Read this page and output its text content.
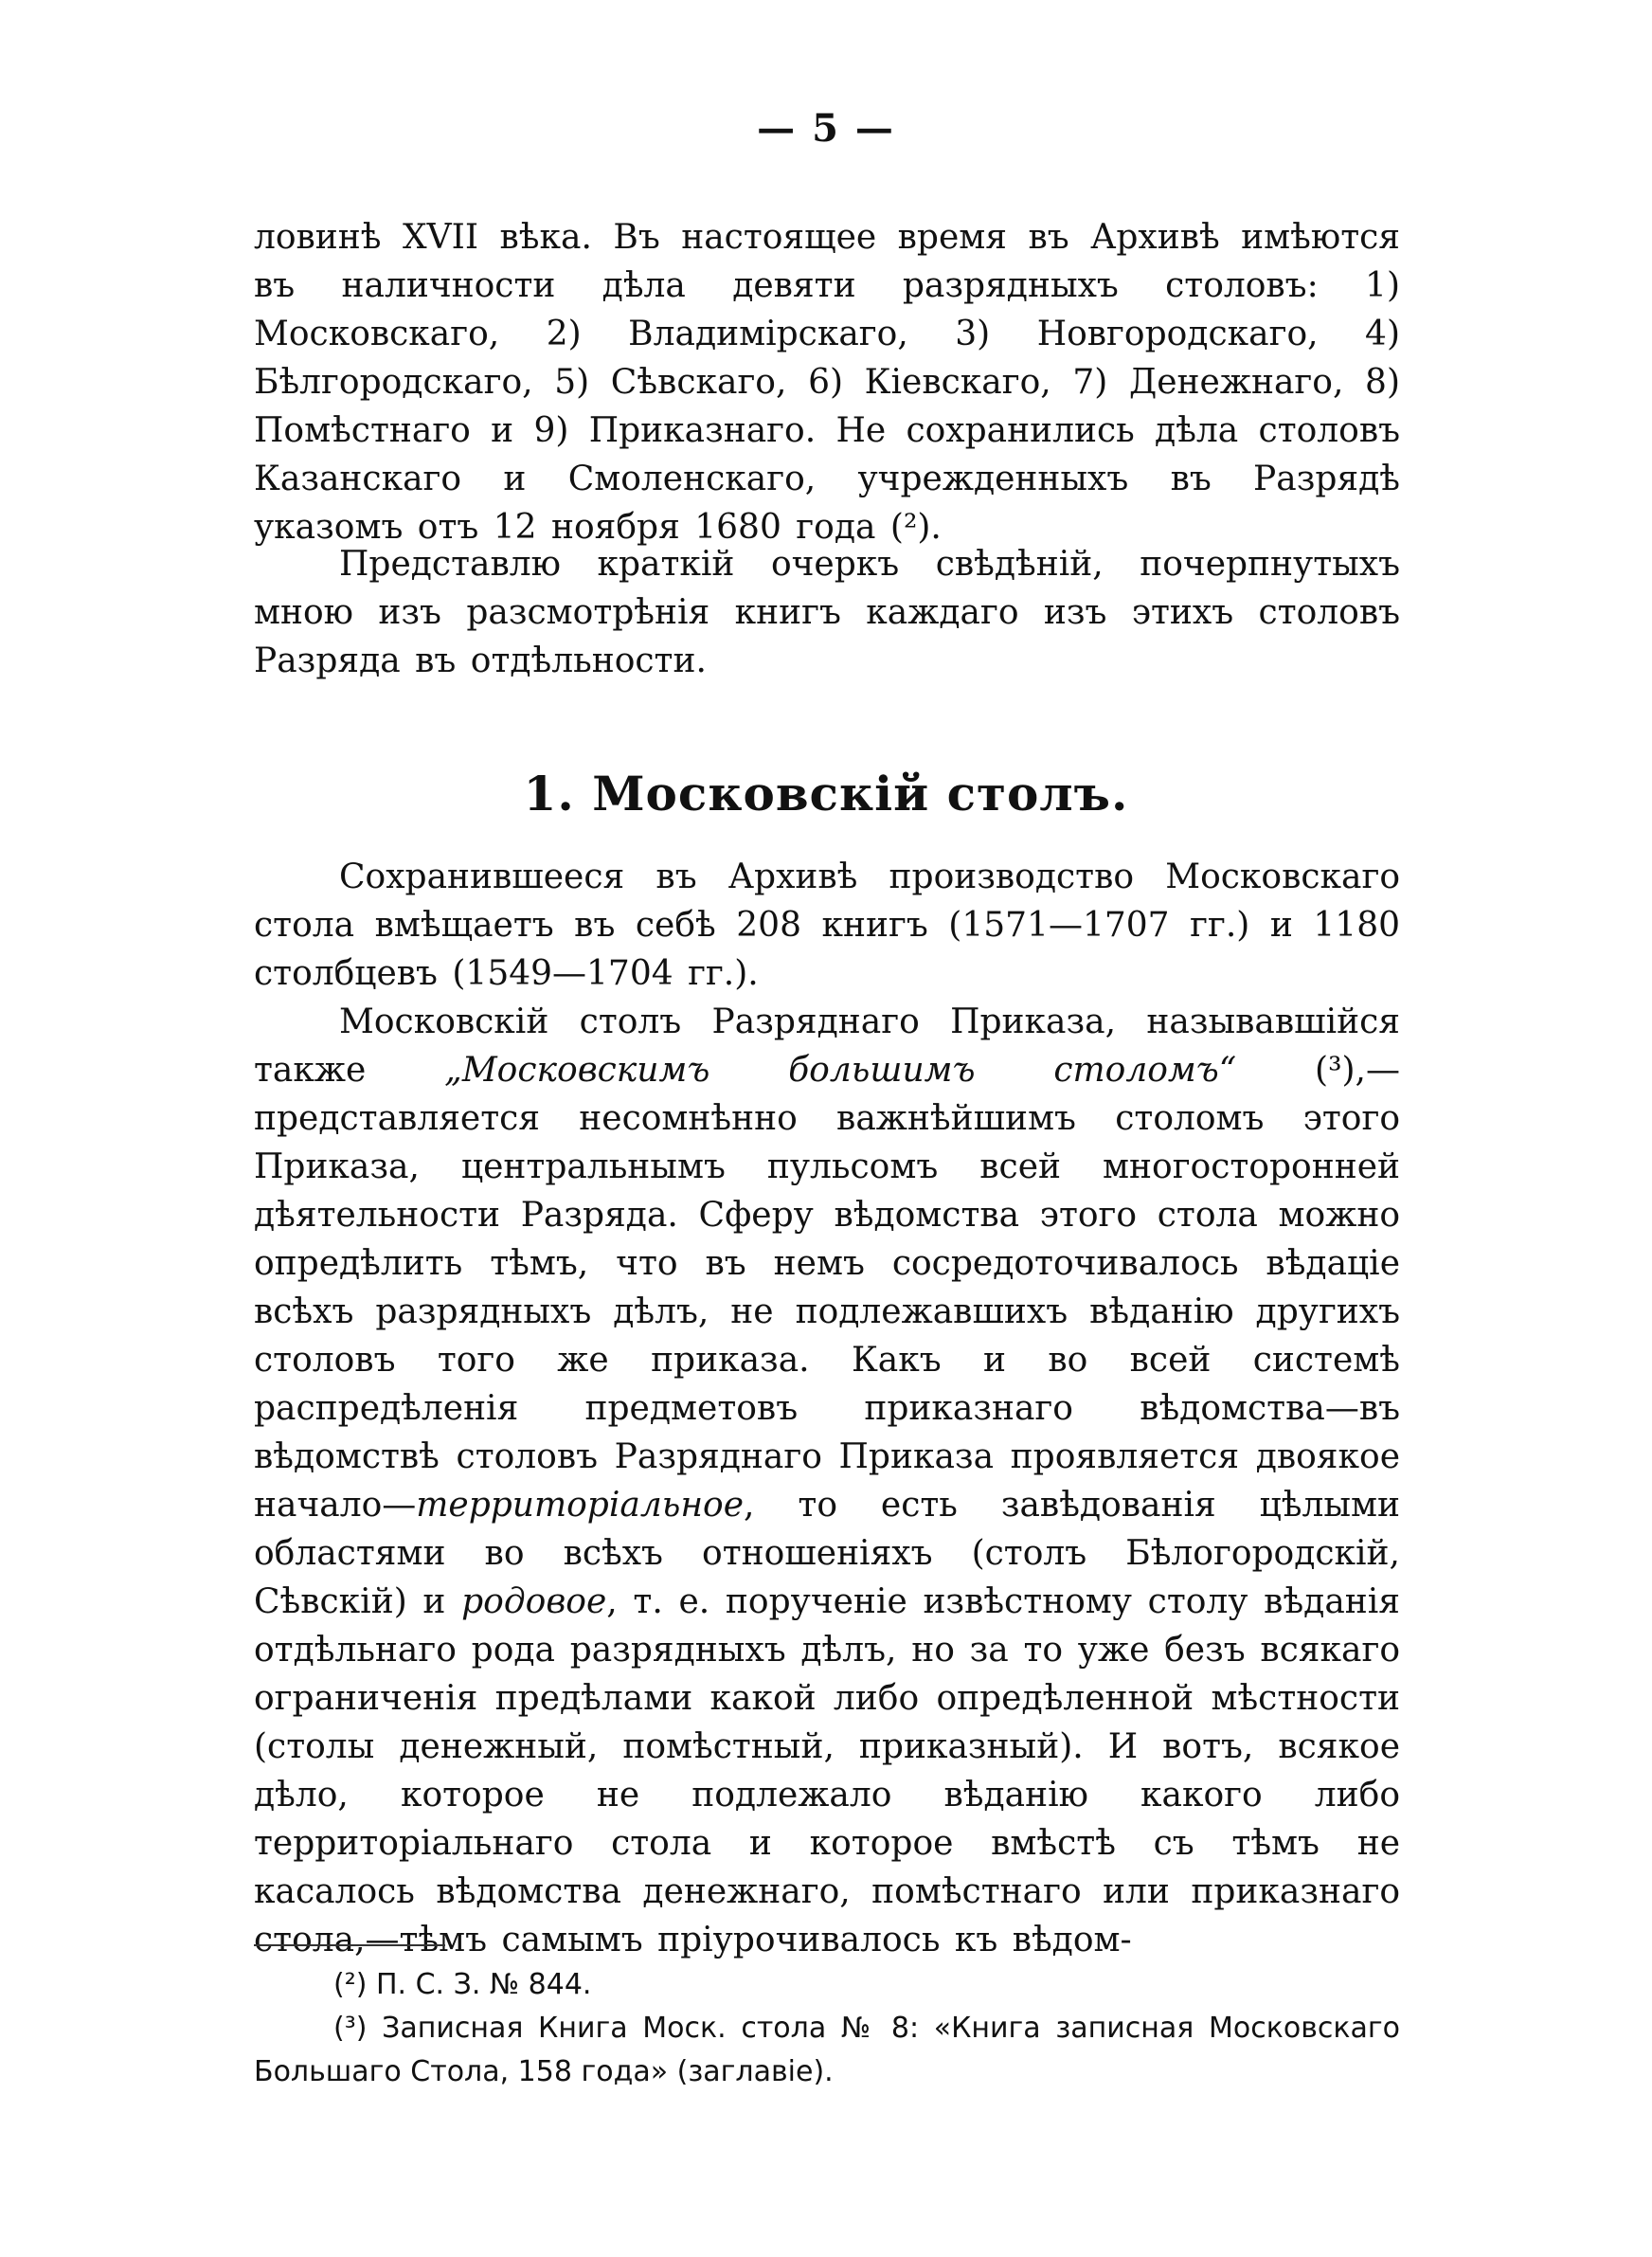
— 5 —

ловинѣ XVII вѣка. Въ настоящее время въ Архивѣ имѣются въ наличности дѣла девяти разрядныхъ столовъ: 1) Московскаго, 2) Владимірскаго, 3) Новгородскаго, 4) Бѣлгородскаго, 5) Сѣвскаго, 6) Кіевскаго, 7) Денежнаго, 8) Помѣстнаго и 9) Приказнаго. Не сохранились дѣла столовъ Казанскаго и Смоленскаго, учрежденныхъ въ Разрядѣ указомъ отъ 12 ноября 1680 года (²).

Представлю краткій очеркъ свѣдѣній, почерпнутыхъ мною изъ разсмотрѣнія книгъ каждаго изъ этихъ столовъ Разряда въ отдѣльности.

1. Московскій столъ.

Сохранившееся въ Архивѣ производство Московскаго стола вмѣщаетъ въ себѣ 208 книгъ (1571—1707 гг.) и 1180 столбцевъ (1549—1704 гг.).

Московскій столъ Разряднаго Приказа, называвшійся также „Московскимъ большимъ столомъ“ (³),—представляется несомнѣнно важнѣйшимъ столомъ этого Приказа, центральнымъ пульсомъ всей многосторонней дѣятельности Разряда. Сферу вѣдомства этого стола можно опредѣлить тѣмъ, что въ немъ сосредоточивалось вѣдаціе всѣхъ разрядныхъ дѣлъ, не подлежавшихъ вѣданію другихъ столовъ того же приказа. Какъ и во всей системѣ распредѣленія предметовъ приказнаго вѣдомства—въ вѣдомствѣ столовъ Разряднаго Приказа проявляется двоякое начало—территоріальное, то есть завѣдованія цѣлыми областями во всѣхъ отношеніяхъ (столъ Бѣлогородскій, Сѣвскій) и родовое, т. е. порученіе извѣстному столу вѣданія отдѣльнаго рода разрядныхъ дѣлъ, но за то уже безъ всякаго ограниченія предѣлами какой либо опредѣленной мѣстности (столы денежный, помѣстный, приказный). И вотъ, всякое дѣло, которое не подлежало вѣданію какого либо территоріальнаго стола и которое вмѣстѣ съ тѣмъ не касалось вѣдомства денежнаго, помѣстнаго или приказнаго стола,—тѣмъ самымъ пріурочивалось къ вѣдом-

(²) П. С. З. № 844.

(³) Записная Книга Моск. стола № 8: «Книга записная Московскаго Большаго Стола, 158 года» (заглавіе).
